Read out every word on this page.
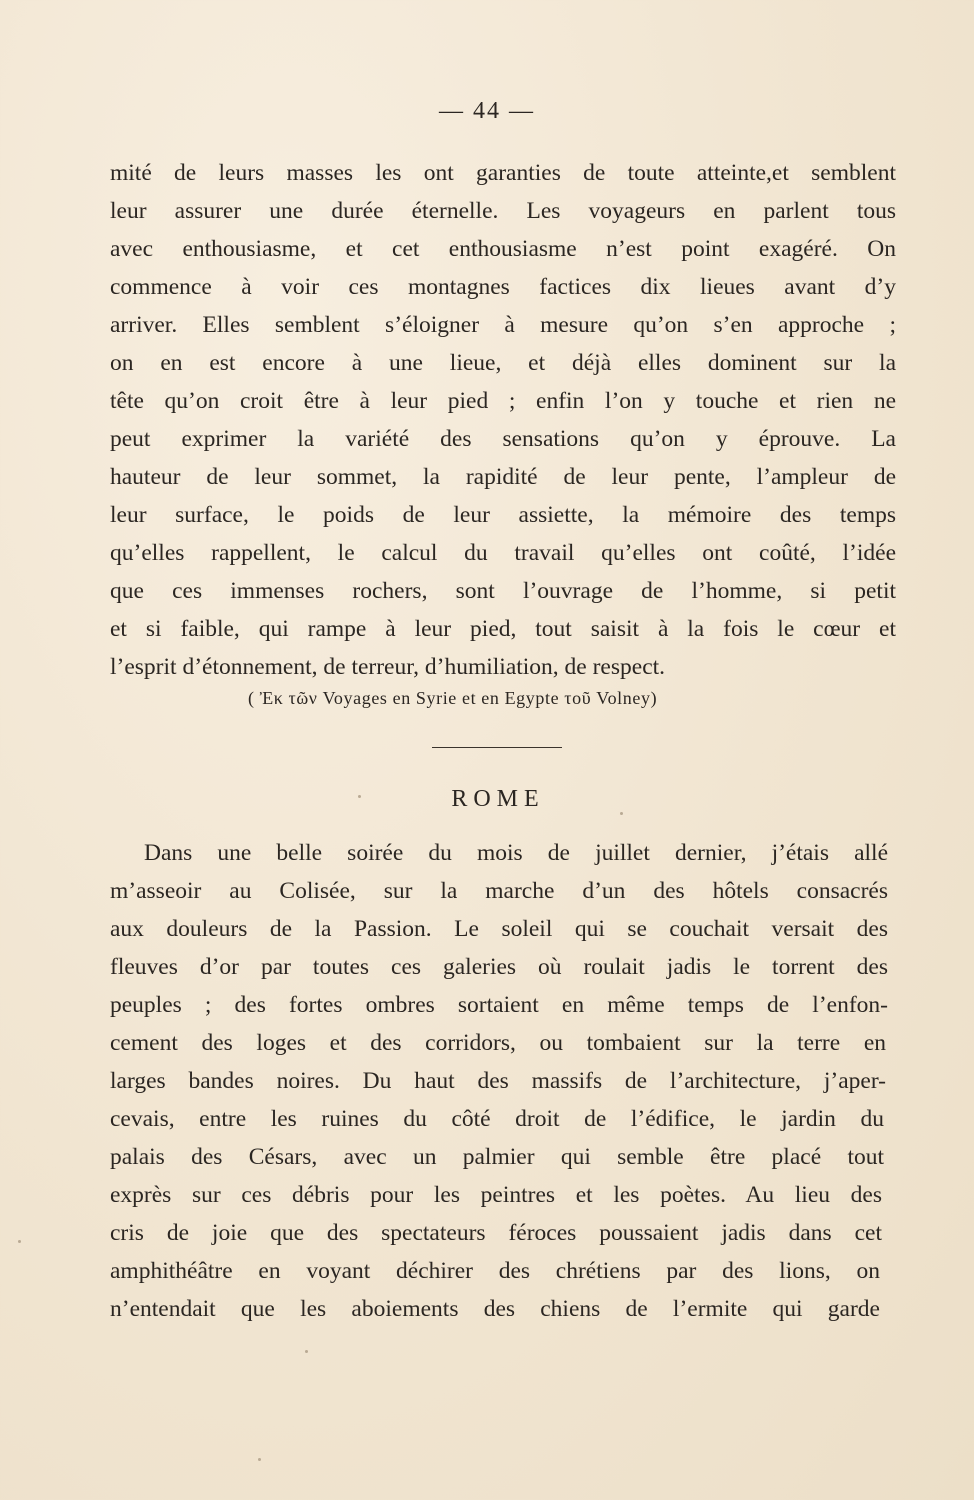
— 44 —
mité de leurs masses les ont garanties de toute atteinte,et semblent
leur assurer une durée éternelle. Les voyageurs en parlent tous
avec enthousiasme, et cet enthousiasme n’est point exagéré. On
commence à voir ces montagnes factices dix lieues avant d’y
arriver. Elles semblent s’éloigner à mesure qu’on s’en approche ;
on en est encore à une lieue, et déjà elles dominent sur la
tête qu’on croit être à leur pied ; enfin l’on y touche et rien ne
peut exprimer la variété des sensations qu’on y éprouve. La
hauteur de leur sommet, la rapidité de leur pente, l’ampleur de
leur surface, le poids de leur assiette, la mémoire des temps
qu’elles rappellent, le calcul du travail qu’elles ont coûté, l’idée
que ces immenses rochers, sont l’ouvrage de l’homme, si petit
et si faible, qui rampe à leur pied, tout saisit à la fois le cœur et
l’esprit d’étonnement, de terreur, d’humiliation, de respect.
( Ἐκ τῶν Voyages en Syrie et en Egypte τοῦ Volney)
ROME
Dans une belle soirée du mois de juillet dernier, j’étais allé
m’asseoir au Colisée, sur la marche d’un des hôtels consacrés
aux douleurs de la Passion. Le soleil qui se couchait versait des
fleuves d’or par toutes ces galeries où roulait jadis le torrent des
peuples ; des fortes ombres sortaient en même temps de l’enfon-
cement des loges et des corridors, ou tombaient sur la terre en
larges bandes noires. Du haut des massifs de l’architecture, j’aper-
cevais, entre les ruines du côté droit de l’édifice, le jardin du
palais des Césars, avec un palmier qui semble être placé tout
exprès sur ces débris pour les peintres et les poètes. Au lieu des
cris de joie que des spectateurs féroces poussaient jadis dans cet
amphithéâtre en voyant déchirer des chrétiens par des lions, on
n’entendait que les aboiements des chiens de l’ermite qui garde
